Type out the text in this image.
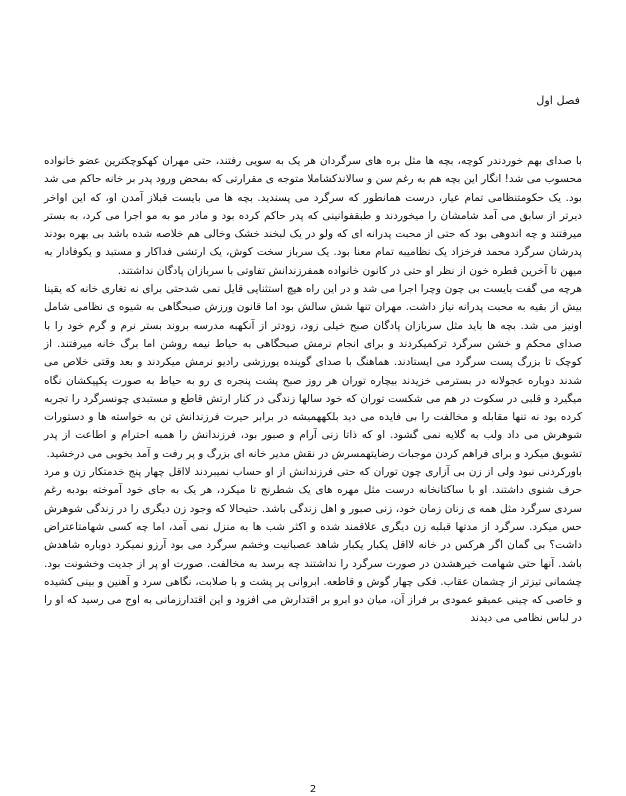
فصل اول

با صدای بهم خوردندر کوچه، بچه ها مثل بره های سرگردان هر یک به سویی رفتند، حتی مهران کهکوچکترین عضو خانواده محسوب می شد! انگار این بچه هم به رغم سن و سالاندکشاملا متوجه ی مقرارتی که بمحض ورود پدر بر خانه حاکم می شد بود. یک حکومتنظامی تمام عیار، درست همانطور که سرگرد می پسندید. بچه ها می بایست قبلاز آمدن او، که این اواخر دیرتر از سابق می آمد شامشان را میخوردند و طبقفوانینی که پدر حاکم کرده بود و مادر مو به مو اجرا می کرد، به بستر میرفتند و چه اندوهی بود که حتی از محبت پدرانه ای که ولو در یک لبخند خشک وخالی هم خلاصه شده باشد بی بهره بودند پدرشان سرگرد محمد فرخزاد یک نظامیبه تمام معنا بود. یک سرباز سخت کوش، یک ارتشی فداکار و مستبد و یکوفادار به میهن تا آخرین قطره خون از نظر او حتی در کانون خانواده همفرزندانش تفاوتی با سربازان پادگان نداشتند.

هرچه می گفت بایست بی چون وچرا اجرا می شد و در این راه هیچ استثنایی قایل نمی شدحتی برای نه تغاری خانه که یقینا بیش از بقیه به محبت پدرانه نیاز داشت. مهران تنها شش سالش بود اما قانون ورزش صبحگاهی به شیوه ی نظامی شامل اونیز می شد. بچه ها باید مثل سربازان پادگان صبح خیلی زود، زودتر از آنکهبه مدرسه بروند بستر نرم و گرم خود را با صدای محکم و خشن سرگرد ترکمیکردند و برای انجام نرمش صبحگاهی به حیاط نیمه روشن اما برگ خانه میرفتند. از کوچک تا بزرگ پست سرگرد می ایستادند. هماهنگ با صدای گوینده یورزشی رادیو نرمش میکردند و بعد وقتی خلاص می شدند دوباره عجولانه در بسترمی خزیدند بیچاره توران هر روز صبح پشت پنجره ی رو به حیاط به صورت یکپیکشان نگاه میگیرد و قلبی در سکوت در هم می شکست توران که خود سالها زندگی در کنار ارتش قاطع و مستبدی چونسرگرد را تجربه کرده بود نه تنها مقابله و مخالفت را بی فایده می دید بلکههمیشه در برابر حیرت فرزندانش تن به خواسته ها و دستورات شوهرش می داد ولب به گلایه نمی گشود. او که ذاتا زنی آرام و صبور بود، فرزندانش را همبه احترام و اطاعت از پدر تشویق میکرد و برای فراهم کردن موجبات رضایتهمسرش در نقش مدیر خانه ای بزرگ و پر رفت و آمد بخوبی می درخشید.

باورکردنی نبود ولی از زن بی آزاری چون توران که حتی فرزندانش از او حساب نمیبردند لااقل چهار پنج خدمتکار زن و مرد حرف شنوی داشتند. او با ساکتانخانه درست مثل مهره های یک شطرنج تا میکرد، هر یک به جای خود آموخته بودبه رغم سردی سرگرد مثل همه ی زنان زمان خود، زنی صبور و اهل زندگی باشد. حتیحالا که وجود زن دیگری را در زندگی شوهرش حس میکرد. سرگرد از مدتها قبلبه زن دیگری علاقمند شده و اکثر شب ها به منزل نمی آمد، اما چه کسی شهامتاعتراض داشت؟ بی گمان اگر هرکس در خانه لااقل یکبار یکبار شاهد عصبانیت وخشم سرگرد می بود آرزو نمیکرد دوباره شاهدش باشد. آنها حتی شهامت خیرهشدن در صورت سرگرد را نداشتند چه برسد به مخالفت. صورت او پر از جدیت وخشونت بود. چشمانی تیزتر از چشمان عقاب. فکی چهار گوش و قاطعه. ابروانی پر پشت و با صلابت، نگاهی سرد و آهنین و بینی کشیده و خاصی که چینی عمیقو عمودی بر فراز آن، میان دو ابرو بر اقتدارش می افزود و این اقتدارزمانی به اوج می رسید که او را در لباس نظامی می دیدند

2
